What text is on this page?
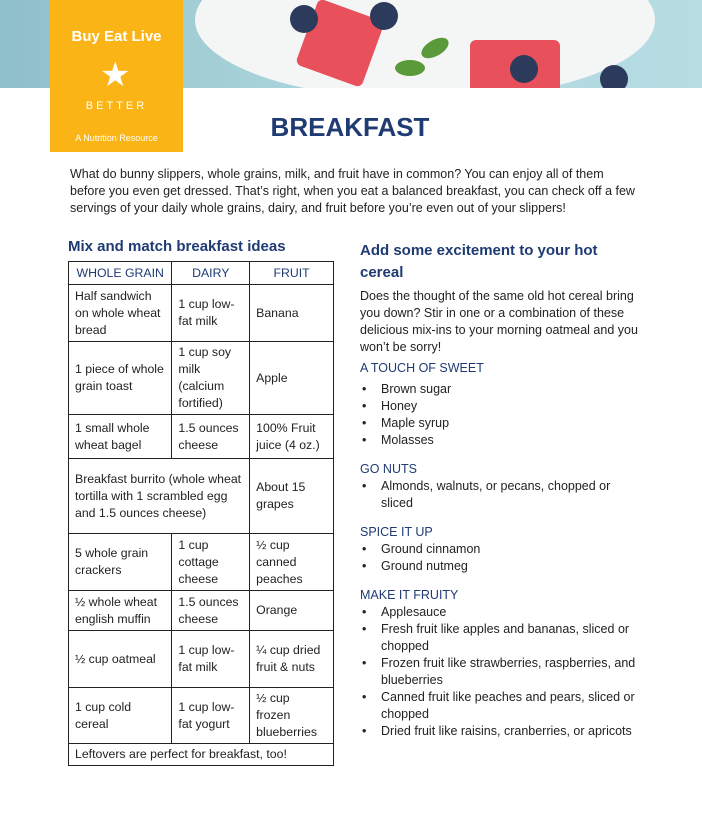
Buy Eat Live
★
BETTER
A Nutrition Resource	BREAKFAST

What do bunny slippers, whole grains, milk, and fruit have in common? You can enjoy all of them before you even get dressed. That’s right, when you eat a balanced breakfast, you can check off a few servings of your daily whole grains, dairy, and fruit before you’re even out of your slippers!

Mix and match breakfast ideas
WHOLE GRAIN	DAIRY	FRUIT
Half sandwich on whole wheat bread	1 cup low-fat milk	Banana
1 piece of whole grain toast	1 cup soy milk (calcium fortified)	Apple
1 small whole wheat bagel	1.5 ounces cheese	100% Fruit juice (4 oz.)
Breakfast burrito (whole wheat tortilla with 1 scrambled egg and 1.5 ounces cheese)		About 15 grapes
5 whole grain crackers	1 cup cottage cheese	½ cup canned peaches
½ whole wheat english muffin	1.5 ounces cheese	Orange
½ cup oatmeal	1 cup low-fat milk	¼ cup dried fruit & nuts
1 cup cold cereal	1 cup low-fat yogurt	½ cup frozen blueberries
Leftovers are perfect for breakfast, too!		
Add some excitement to your hot cereal

Does the thought of the same old hot cereal bring you down? Stir in one or a combination of these delicious mix-ins to your morning oatmeal and you won’t be sorry!

A TOUCH OF SWEET
• Brown sugar
• Honey
• Maple syrup
• Molasses
GO NUTS
• Almonds, walnuts, or pecans, chopped or sliced
SPICE IT UP
• Ground cinnamon
• Ground nutmeg
MAKE IT FRUITY
• Applesauce
• Fresh fruit like apples and bananas, sliced or chopped
• Frozen fruit like strawberries, raspberries, and blueberries
• Canned fruit like peaches and pears, sliced or chopped
• Dried fruit like raisins, cranberries, or apricots
